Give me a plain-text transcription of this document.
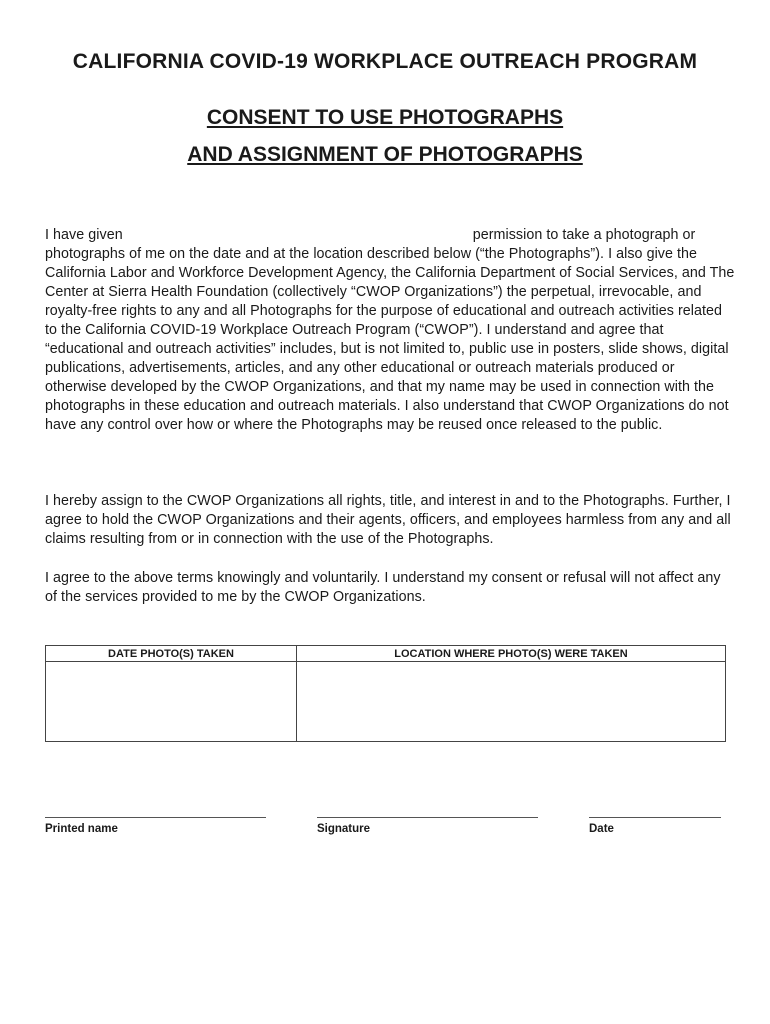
CALIFORNIA COVID-19 WORKPLACE OUTREACH PROGRAM
CONSENT TO USE PHOTOGRAPHS
AND ASSIGNMENT OF PHOTOGRAPHS
I have given	permission to take a photograph or photographs of me on the date and at the location described below (“the Photographs”). I also give the California Labor and Workforce Development Agency, the California Department of Social Services, and The Center at Sierra Health Foundation (collectively “CWOP Organizations”) the perpetual, irrevocable, and royalty-free rights to any and all Photographs for the purpose of educational and outreach activities related to the California COVID-19 Workplace Outreach Program (“CWOP”). I understand and agree that “educational and outreach activities” includes, but is not limited to, public use in posters, slide shows, digital publications, advertisements, articles, and any other educational or outreach materials produced or otherwise developed by the CWOP Organizations, and that my name may be used in connection with the photographs in these education and outreach materials. I also understand that CWOP Organizations do not have any control over how or where the Photographs may be reused once released to the public.
I hereby assign to the CWOP Organizations all rights, title, and interest in and to the Photographs. Further, I agree to hold the CWOP Organizations and their agents, officers, and employees harmless from any and all claims resulting from or in connection with the use of the Photographs.
I agree to the above terms knowingly and voluntarily. I understand my consent or refusal will not affect any of the services provided to me by the CWOP Organizations.
DATE PHOTO(S) TAKEN	LOCATION WHERE PHOTO(S) WERE TAKEN

Printed name	Signature	Date
